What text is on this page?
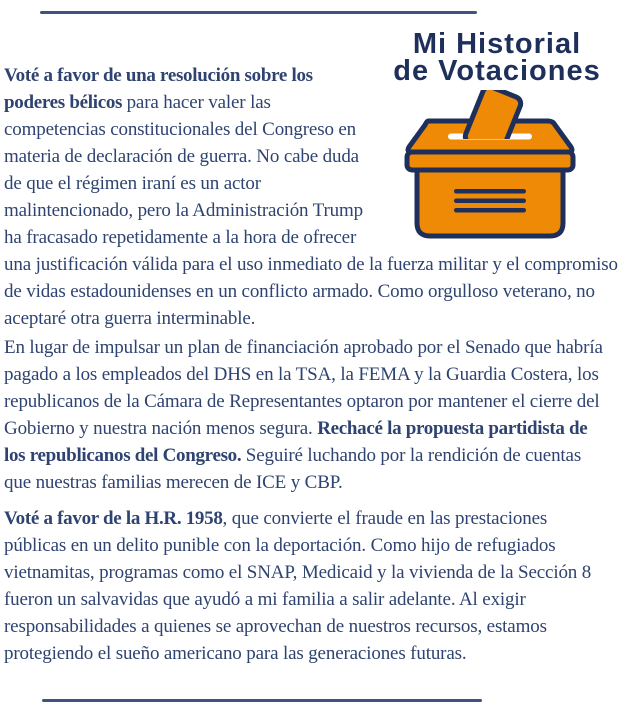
Mi Historial
de Votaciones
Voté a favor de una resolución sobre los
poderes bélicos para hacer valer las
competencias constitucionales del Congreso en
materia de declaración de guerra. No cabe duda
de que el régimen iraní es un actor
malintencionado, pero la Administración Trump
ha fracasado repetidamente a la hora de ofrecer
una justificación válida para el uso inmediato de la fuerza militar y el compromiso
de vidas estadounidenses en un conflicto armado. Como orgulloso veterano, no
aceptaré otra guerra interminable.
En lugar de impulsar un plan de financiación aprobado por el Senado que habría
pagado a los empleados del DHS en la TSA, la FEMA y la Guardia Costera, los
republicanos de la Cámara de Representantes optaron por mantener el cierre del
Gobierno y nuestra nación menos segura. Rechacé la propuesta partidista de
los republicanos del Congreso. Seguiré luchando por la rendición de cuentas
que nuestras familias merecen de ICE y CBP.
Voté a favor de la H.R. 1958, que convierte el fraude en las prestaciones
públicas en un delito punible con la deportación. Como hijo de refugiados
vietnamitas, programas como el SNAP, Medicaid y la vivienda de la Sección 8
fueron un salvavidas que ayudó a mi familia a salir adelante. Al exigir
responsabilidades a quienes se aprovechan de nuestros recursos, estamos
protegiendo el sueño americano para las generaciones futuras.
